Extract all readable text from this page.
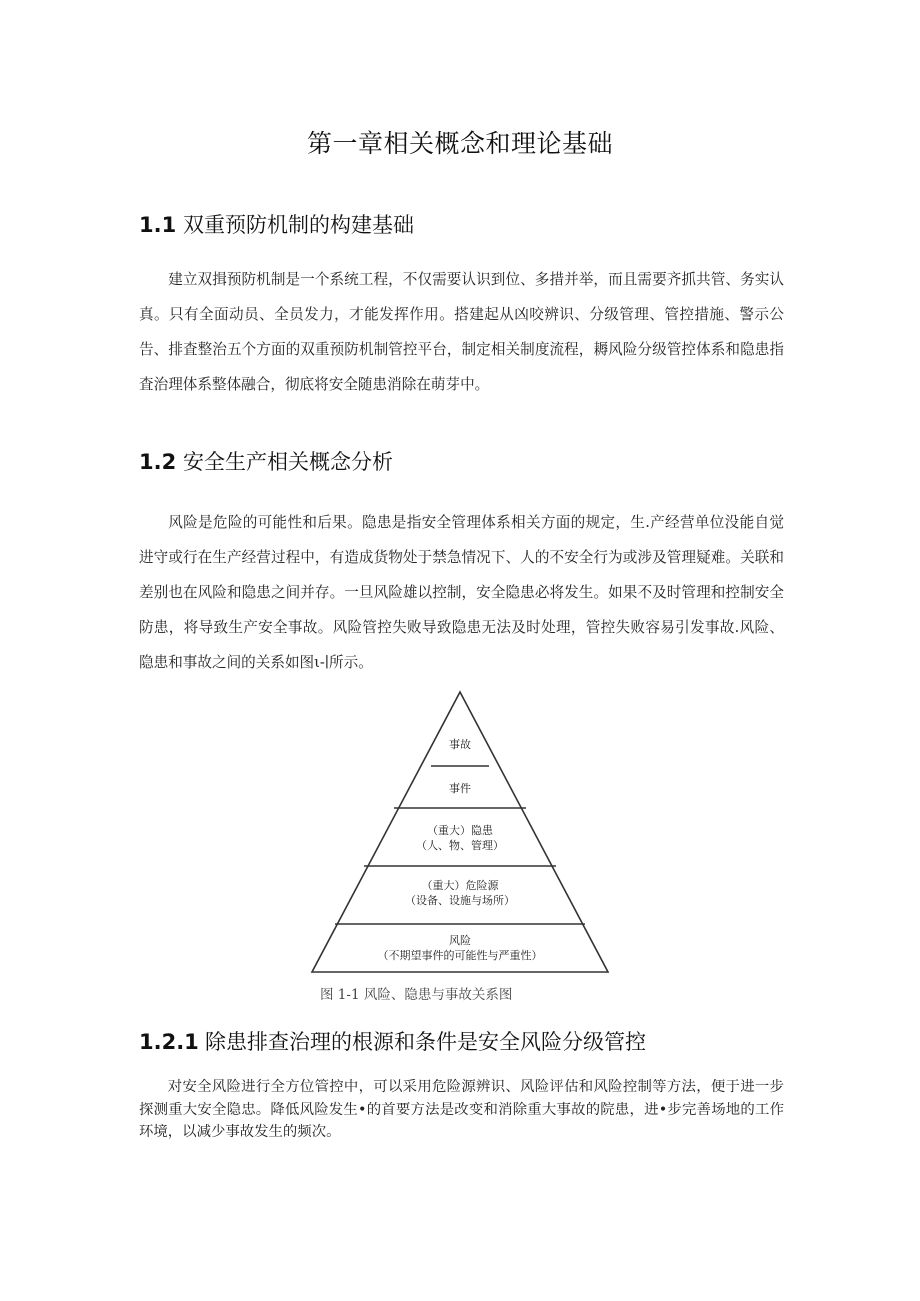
第一章相关概念和理论基础
1.1 双重预防机制的构建基础
建立双揖预防机制是一个系统工程，不仅需要认识到位、多措并举，而且需要齐抓共管、务实认真。只有全面动员、全员发力，才能发挥作用。搭建起从凶咬辨识、分级管理、管控措施、警示公告、排査整治五个方面的双重预防机制管控平台，制定相关制度流程，耨风险分级管控体系和隐患指査治理体系整体融合，彻底将安全随患消除在萌芽中。
1.2 安全生产相关概念分析
风险是危险的可能性和后果。隐患是指安全管理体系相关方面的规定，生.产经营单位没能自觉进守或行在生产经营过程中，有造成货物处于禁急情况下、人的不安全行为或涉及管理疑难。关联和差别也在风险和隐患之间并存。一旦风险雄以控制，安全隐患必将发生。如果不及时管理和控制安全防患，将导致生产安全事故。风险管控失败导致隐患无法及时处理，管控失败容易引发事故.风险、隐患和事故之间的关系如图ι-∣所示。
事故
事件
（重大）隐患
（人、物、管理）
（重大）危险源
（设备、设施与场所）
风险
（不期望事件的可能性与严重性）
图 1-1 风险、隐患与事故关系图
1.2.1 除患排查治理的根源和条件是安全风险分级管控
对安全风险进行全方位管控中，可以采用危险源辨识、风险评估和风险控制等方法，便于进一步探测重大安全隐忠。降低风险发生•的首要方法是改变和消除重大事故的院患，进•步完善场地的工作环境，以减少事故发生的频次。
